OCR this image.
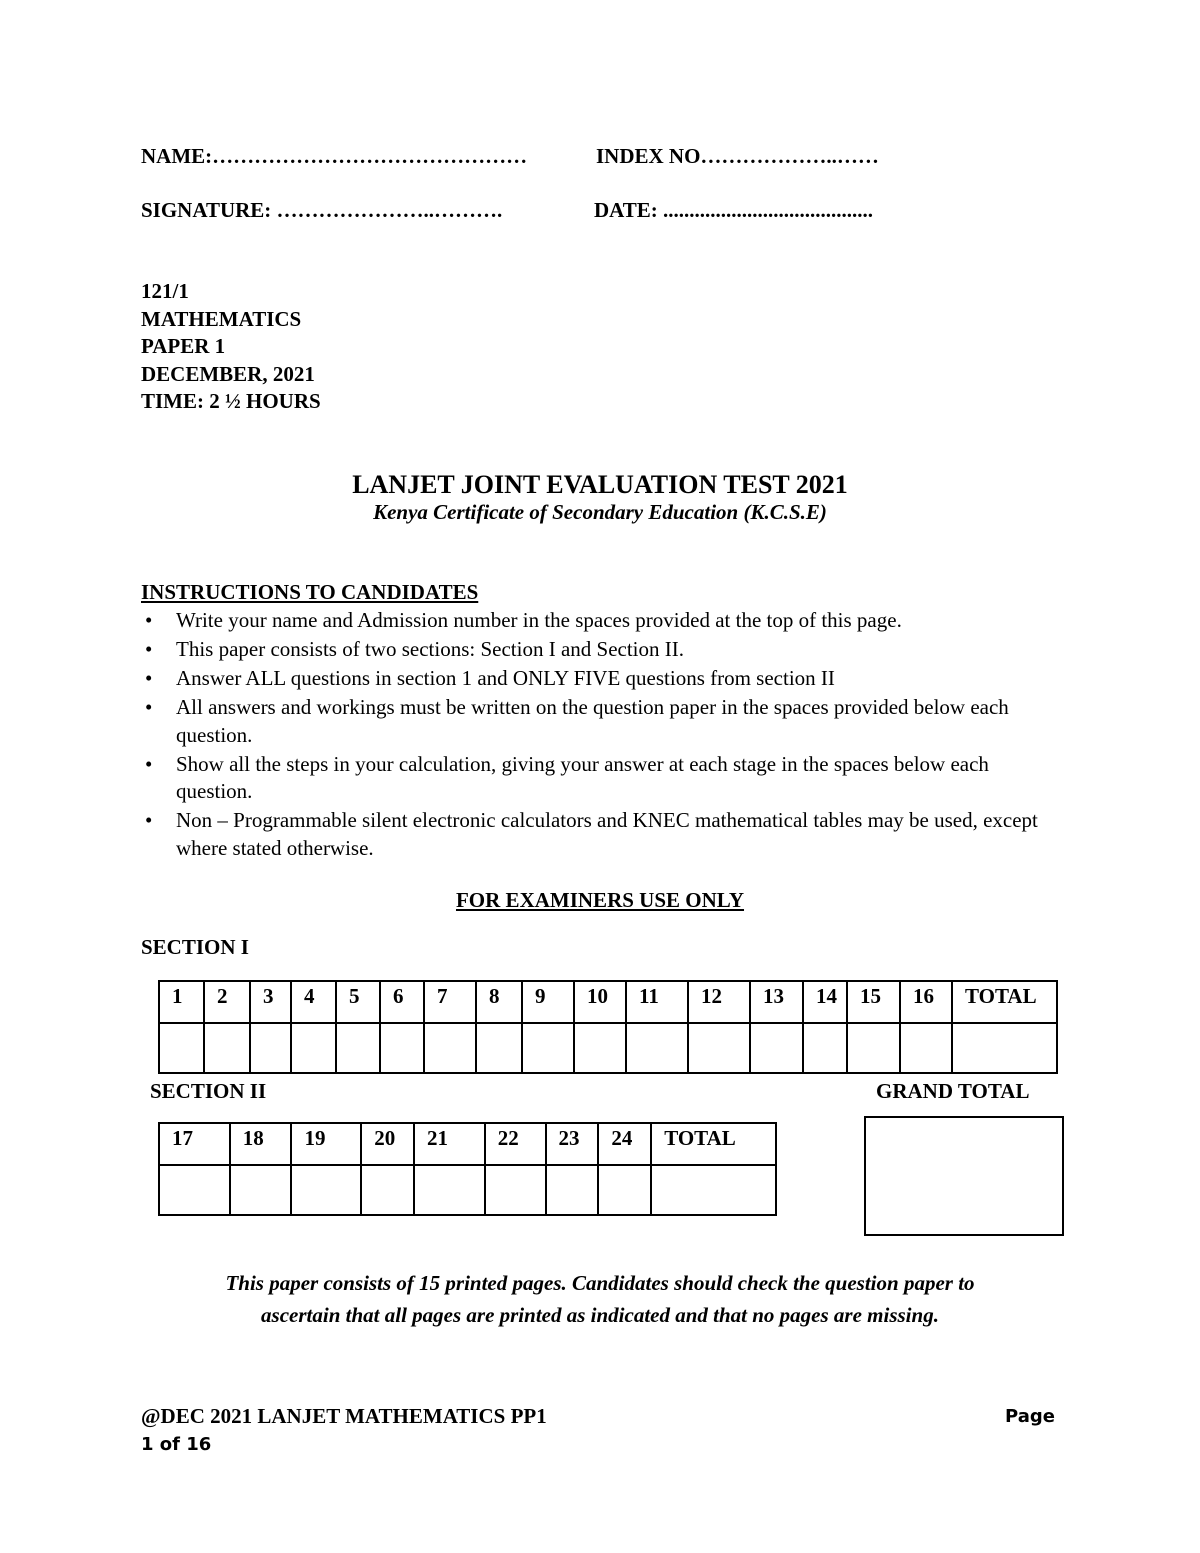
NAME:………………………………………	INDEX NO………………..……
SIGNATURE: …………………..……….	DATE: ........................................
121/1
MATHEMATICS
PAPER 1
DECEMBER, 2021
TIME: 2 ½ HOURS
LANJET JOINT EVALUATION TEST 2021
Kenya Certificate of Secondary Education (K.C.S.E)
INSTRUCTIONS TO CANDIDATES
• Write your name and Admission number in the spaces provided at the top of this page.
• This paper consists of two sections: Section I and Section II.
• Answer ALL questions in section 1 and ONLY FIVE questions from section II
• All answers and workings must be written on the question paper in the spaces provided below each question.
• Show all the steps in your calculation, giving your answer at each stage in the spaces below each question.
• Non – Programmable silent electronic calculators and KNEC mathematical tables may be used, except where stated otherwise.
FOR EXAMINERS USE ONLY
SECTION I
1	2	3	4	5	6	7	8	9	10	11	12	13	14	15	16	TOTAL

SECTION II	GRAND TOTAL
17	18	19	20	21	22	23	24	TOTAL

This paper consists of 15 printed pages. Candidates should check the question paper to
ascertain that all pages are printed as indicated and that no pages are missing.
@DEC 2021 LANJET MATHEMATICS PP1	Page
1 of 16
